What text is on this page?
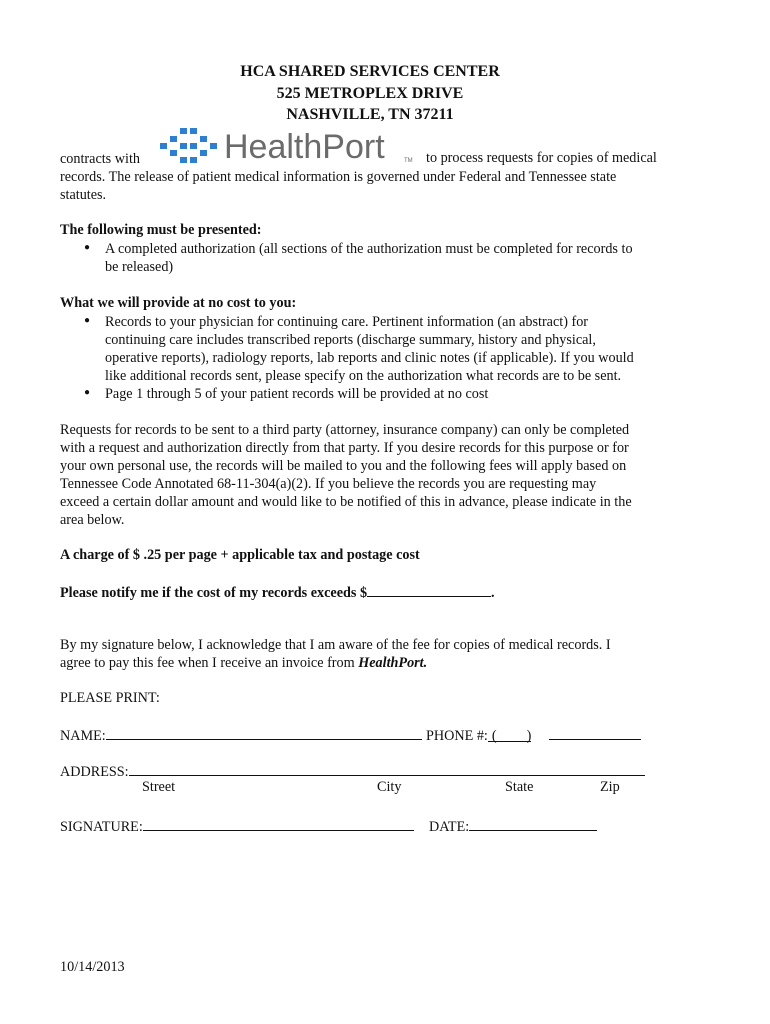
HCA SHARED SERVICES CENTER
525 METROPLEX DRIVE
NASHVILLE, TN 37211
contracts with HealthPort	TM to process requests for copies of medical
records. The release of patient medical information is governed under Federal and Tennessee state
statutes.
The following must be presented:
● A completed authorization (all sections of the authorization must be completed for records to
be released)
What we will provide at no cost to you:
● Records to your physician for continuing care. Pertinent information (an abstract) for
continuing care includes transcribed reports (discharge summary, history and physical,
operative reports), radiology reports, lab reports and clinic notes (if applicable). If you would
like additional records sent, please specify on the authorization what records are to be sent.
● Page 1 through 5 of your patient records will be provided at no cost
Requests for records to be sent to a third party (attorney, insurance company) can only be completed
with a request and authorization directly from that party. If you desire records for this purpose or for
your own personal use, the records will be mailed to you and the following fees will apply based on
Tennessee Code Annotated 68-11-304(a)(2). If you believe the records you are requesting may
exceed a certain dollar amount and would like to be notified of this in advance, please indicate in the
area below.
A charge of $ .25 per page + applicable tax and postage cost
Please notify me if the cost of my records exceeds $	.
By my signature below, I acknowledge that I am aware of the fee for copies of medical records. I
agree to pay this fee when I receive an invoice from HealthPort.
PLEASE PRINT:
NAME:	PHONE #: ( )
ADDRESS:
Street	City	State	Zip
SIGNATURE:	DATE:
10/14/2013
